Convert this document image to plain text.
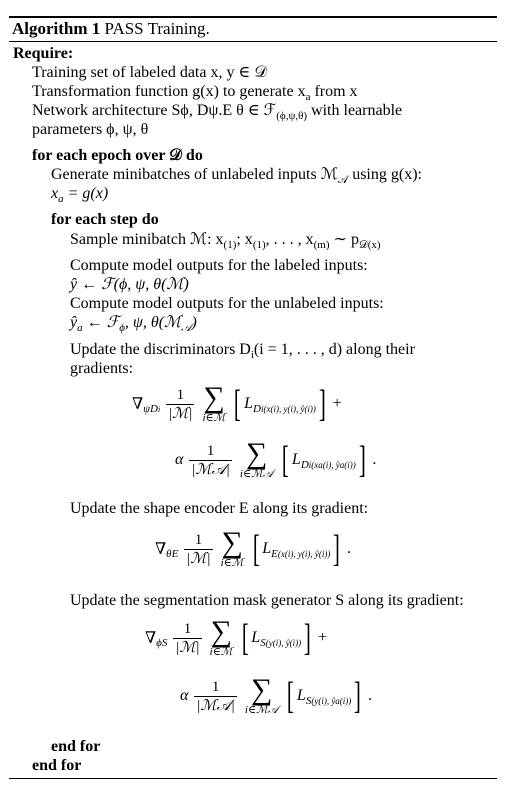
Algorithm 1 PASS Training.
Require:
Training set of labeled data x, y ∈ 𝒟
Transformation function g(x) to generate $x_a$ from x
Network architecture Sϕ, Dψ.E θ ∈ ℱ$_{(\phi,\psi,\theta)}$ with learnable
parameters ϕ, ψ, θ
for each epoch over 𝒟 do
Generate minibatches of unlabeled inputs ℳ$_𝒜$ using g(x):
$x_a = g(x)$
for each step do
Sample minibatch ℳ: $x_{(1)}$; $x_{(1)}$, . . . , $x_{(m)}$ ∼ $p_{𝒟(x)}$
Compute model outputs for the labeled inputs:
ŷ ← ℱ(ϕ, ψ, θ(ℳ)
Compute model outputs for the unlabeled inputs:
$ŷ_a$ ← ℱ$_\phi$, ψ, θ(ℳ$_𝒜$)
Update the discriminators $D_i(i = 1$, . . . , d) along their
gradients:
$\nabla_{\psi Di} \frac{1}{\text{|ℳ|}}$
∑
i∈ℳ [ $L_{Di(x(i), y(i), ŷ(i))}$] +
α $\frac{1}{\text{|ℳ𝒜|}}$
∑
i∈ℳ𝒜 [ $L_{Di(xa(i), ŷa(i))}$] .
Update the shape encoder E along its gradient:
$\nabla_{\theta E} \frac{1}{\text{|ℳ|}}$
∑
i∈ℳ [ $L_{E(x(i), y(i), ŷ(i))}$] .
Update the segmentation mask generator S along its gradient:
$\nabla_{\phi S} \frac{1}{\text{|ℳ|}}$
∑
i∈ℳ [ $L_{S(y(i), ŷ(i))}$] +
α $\frac{1}{\text{|ℳ𝒜|}}$
∑
i∈ℳ𝒜 [ $L_{S(y(i), ŷa(i))}$] .
end for
end for
